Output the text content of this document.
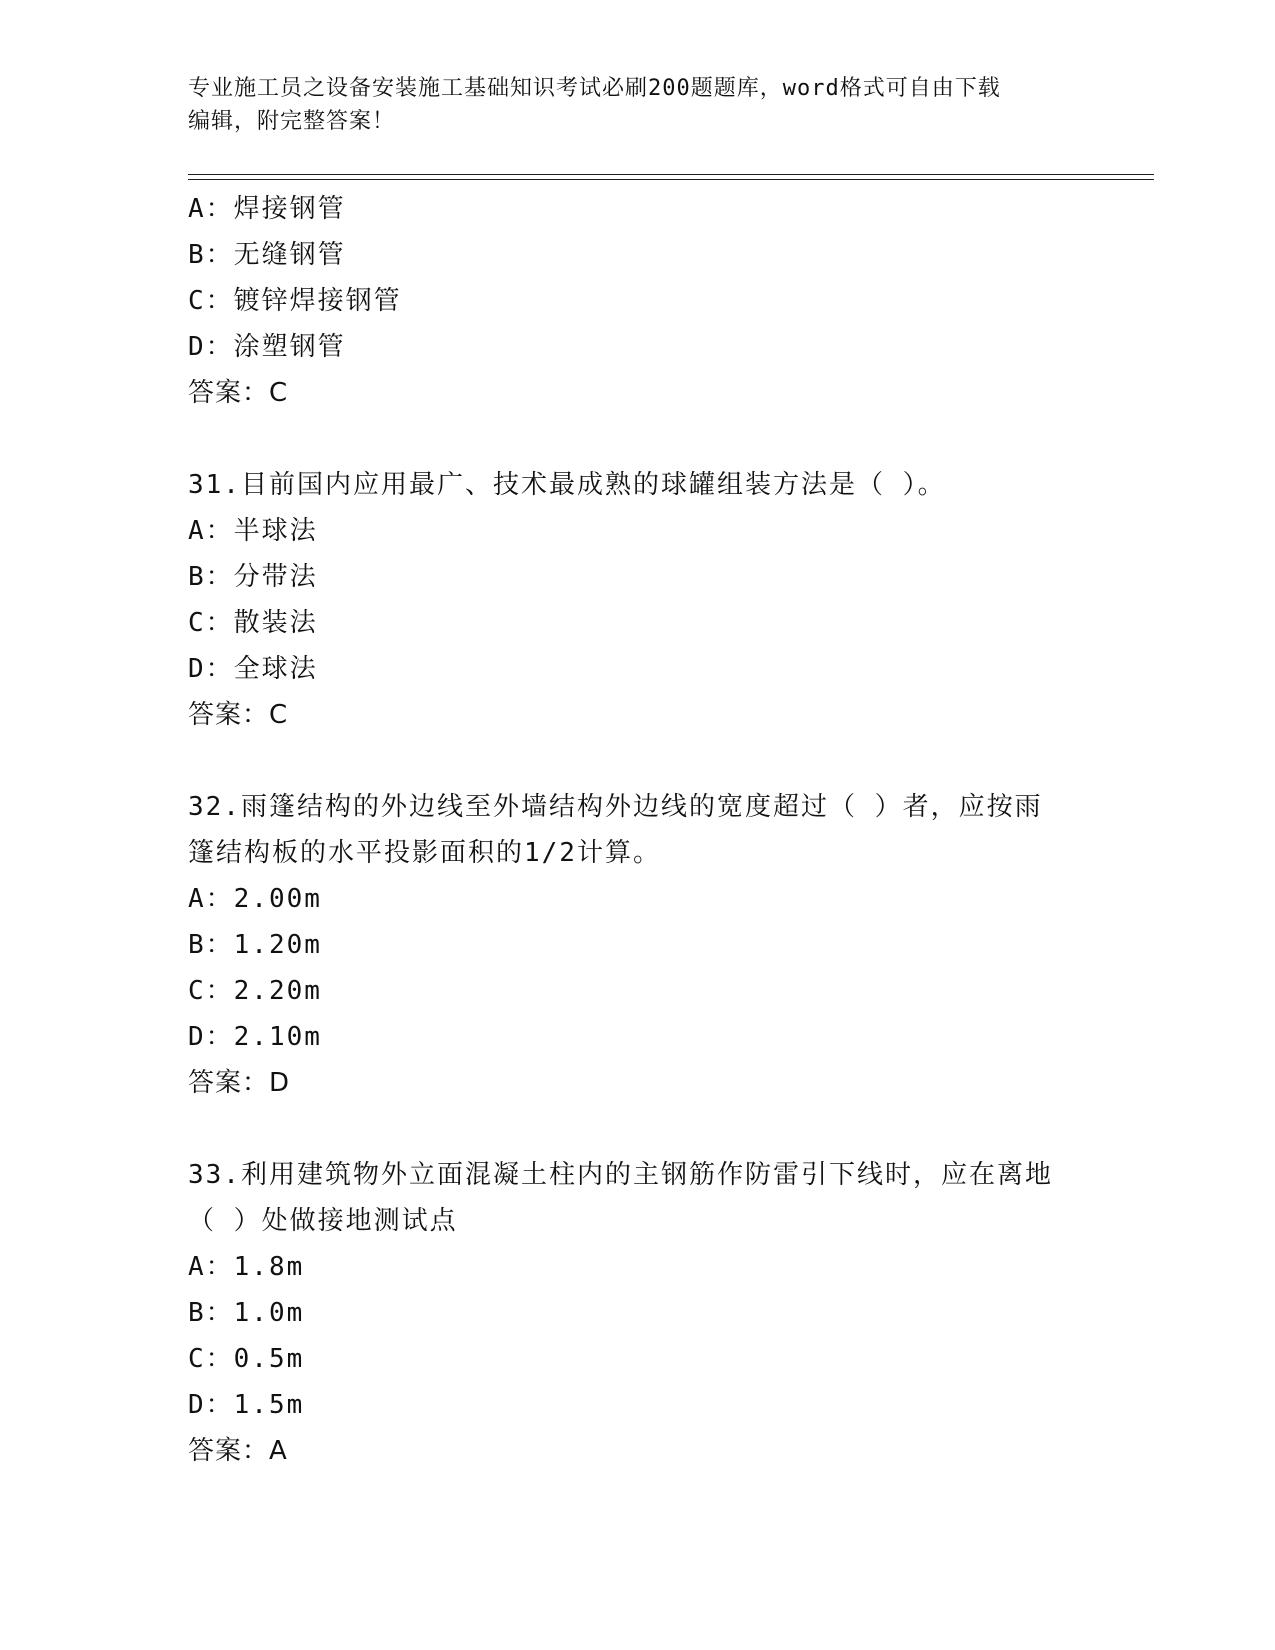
专业施工员之设备安装施工基础知识考试必刷200题题库，word格式可自由下载
编辑，附完整答案！
A：焊接钢管
B：无缝钢管
C：镀锌焊接钢管
D：涂塑钢管
答案：C
31.目前国内应用最广、技术最成熟的球罐组装方法是（ ）。
A：半球法
B：分带法
C：散装法
D：全球法
答案：C
32.雨篷结构的外边线至外墙结构外边线的宽度超过（ ）者，应按雨
篷结构板的水平投影面积的1/2计算。
A：2.00m
B：1.20m
C：2.20m
D：2.10m
答案：D
33.利用建筑物外立面混凝土柱内的主钢筋作防雷引下线时，应在离地
（ ）处做接地测试点
A：1.8m
B：1.0m
C：0.5m
D：1.5m
答案：A
